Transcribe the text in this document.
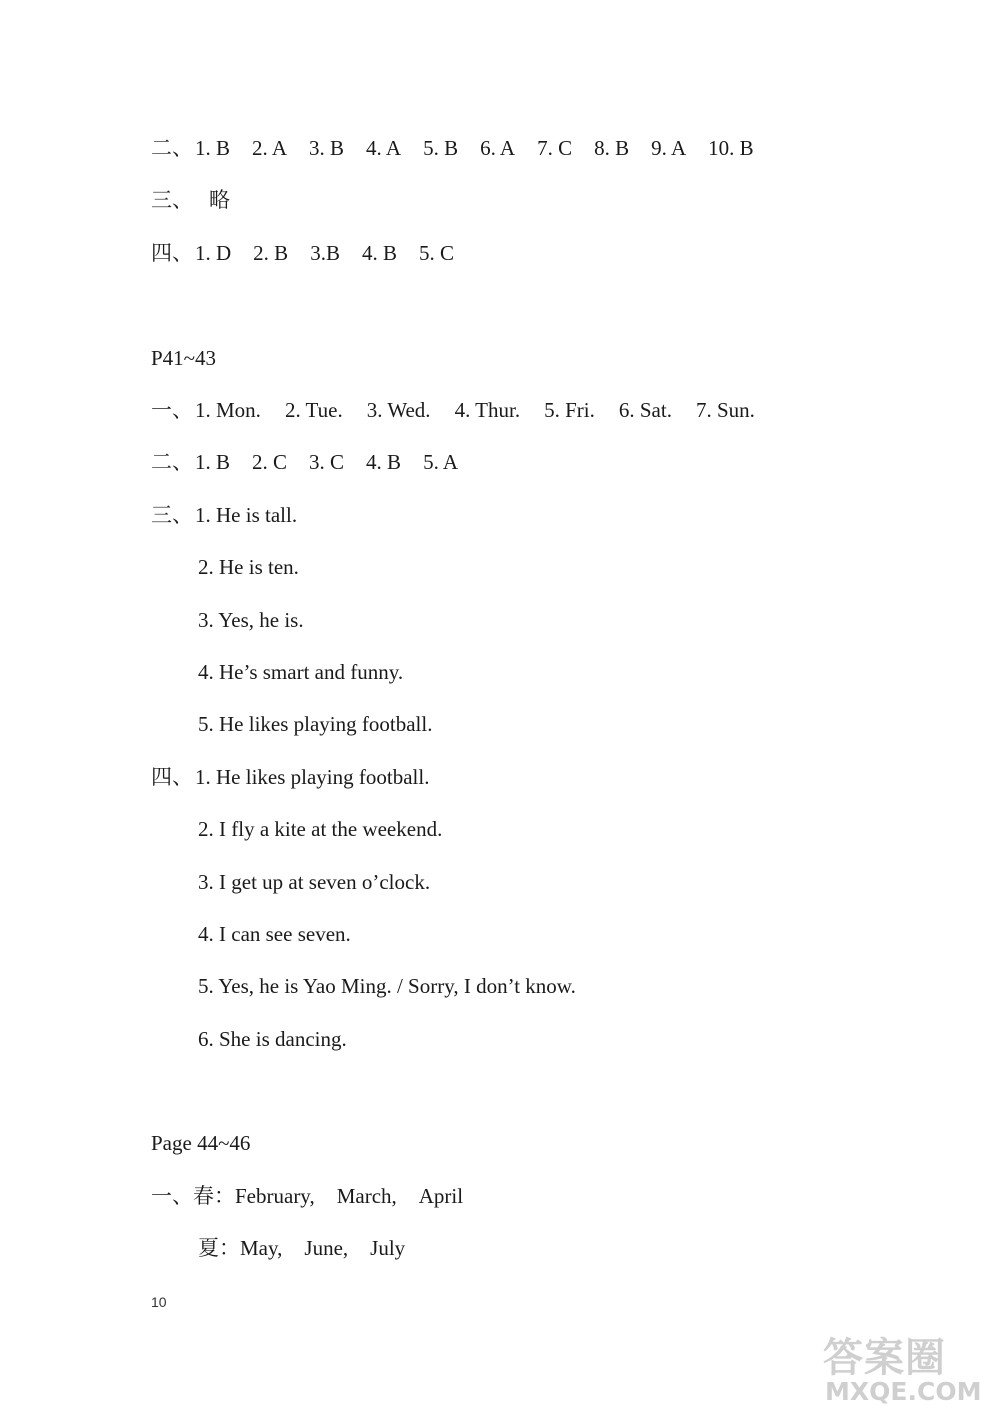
二、1. B 2. A 3. B 4. A 5. B 6. A 7. C 8. B 9. A 10. B
三、 略
四、1. D 2. B 3.B 4. B 5. C
P41~43
一、1. Mon. 2. Tue. 3. Wed. 4. Thur. 5. Fri. 6. Sat. 7. Sun.
二、1. B 2. C 3. C 4. B 5. A
三、1. He is tall.
2. He is ten.
3. Yes, he is.
4. He’s smart and funny.
5. He likes playing football.
四、1. He likes playing football.
2. I fly a kite at the weekend.
3. I get up at seven o’clock.
4. I can see seven.
5. Yes, he is Yao Ming. / Sorry, I don’t know.
6. She is dancing.
Page 44~46
一、春：February, March, April
夏：May, June, July
10
答案圈
MXQE.COM
